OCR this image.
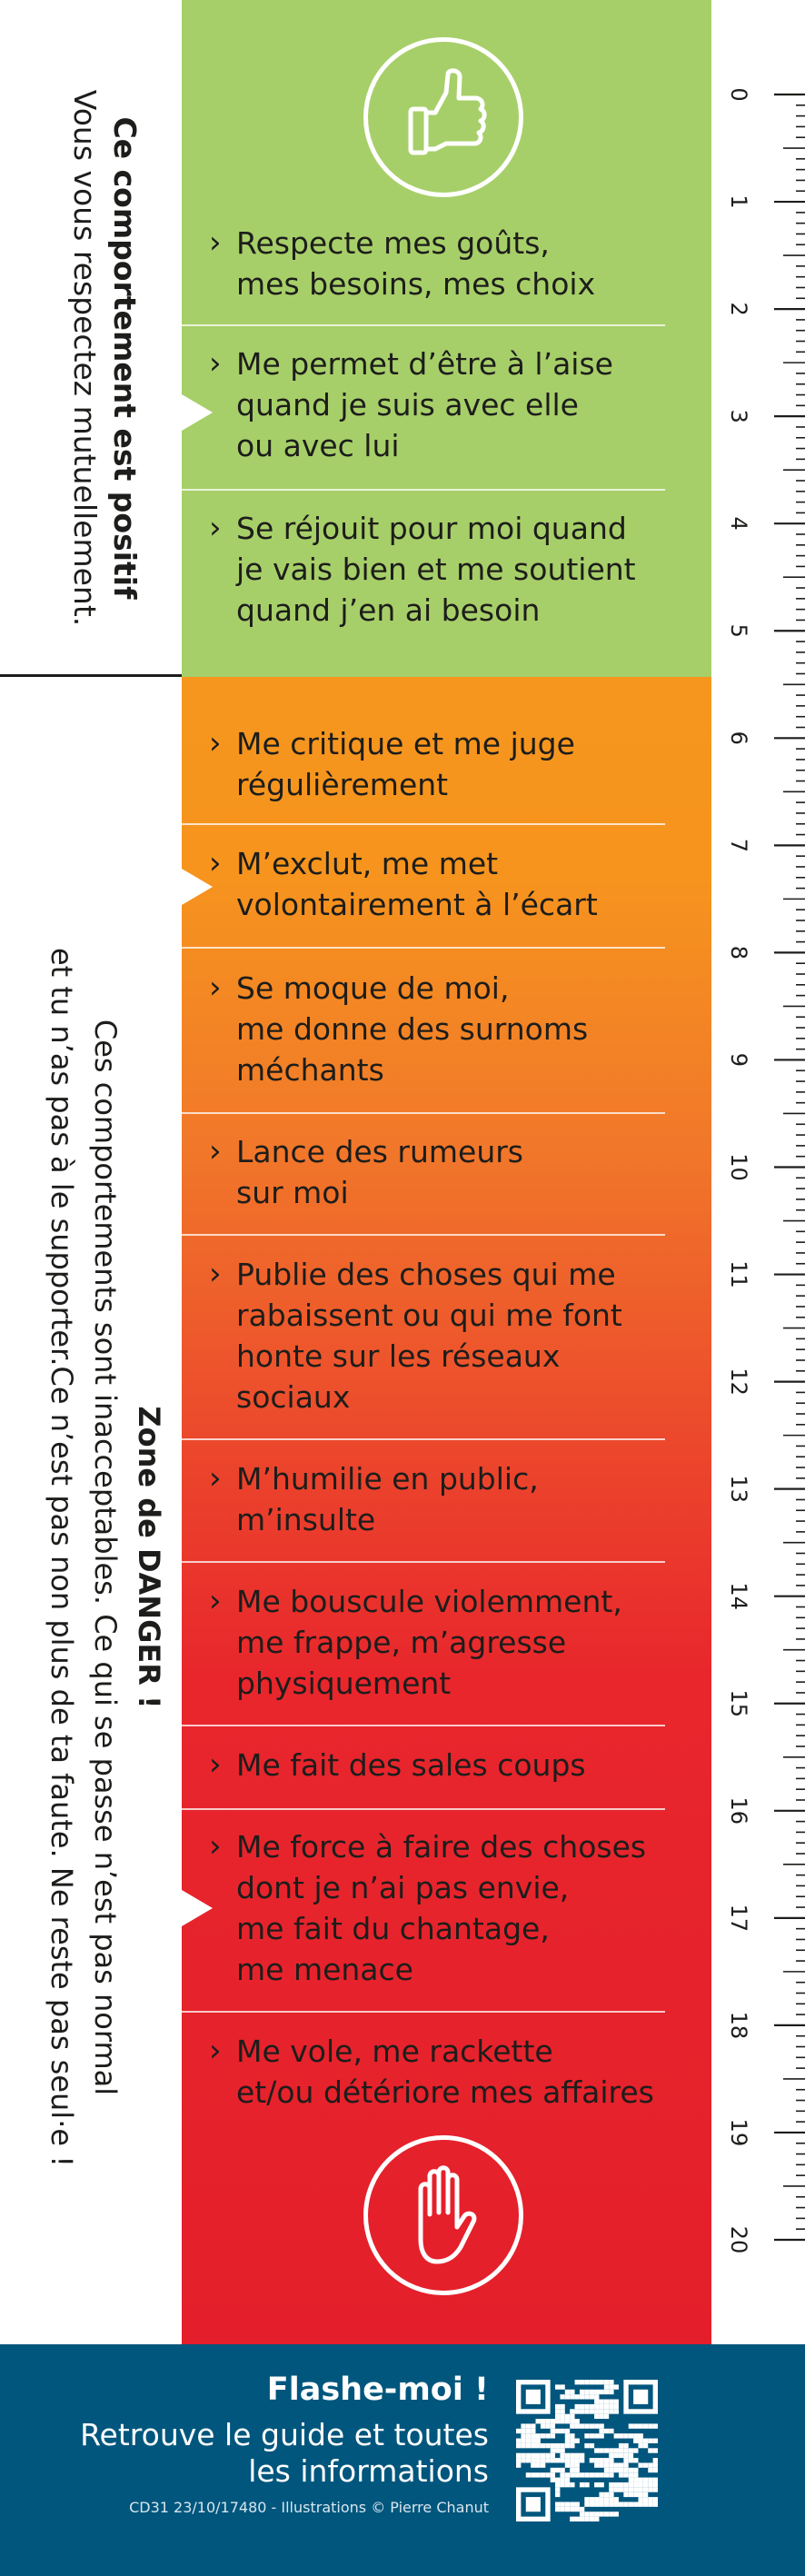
Ce comportement est positif
Vous vous respectez mutuellement.
Zone de DANGER !
Ces comportements sont inacceptables. Ce qui se passe n’est pas normal
et tu n’as pas à le supporter.Ce n’est pas non plus de ta faute. Ne reste pas seul·e !
› Respecte mes goûts,
mes besoins, mes choix
› Me permet d’être à l’aise
quand je suis avec elle
ou avec lui
› Se réjouit pour moi quand
je vais bien et me soutient
quand j’en ai besoin
› Me critique et me juge
régulièrement
› M’exclut, me met
volontairement à l’écart
› Se moque de moi,
me donne des surnoms
méchants
› Lance des rumeurs
sur moi
› Publie des choses qui me
rabaissent ou qui me font
honte sur les réseaux
sociaux
› M’humilie en public,
m’insulte
› Me bouscule violemment,
me frappe, m’agresse
physiquement
› Me fait des sales coups
› Me force à faire des choses
dont je n’ai pas envie,
me fait du chantage,
me menace
› Me vole, me rackette
et/ou détériore mes affaires
0
1
2
3
4
5
6
7
8
9
10
11
12
13
14
15
16
17
18
19
20
Flashe-moi !
Retrouve le guide et toutes
les informations
CD31 23/10/17480 - Illustrations © Pierre Chanut
